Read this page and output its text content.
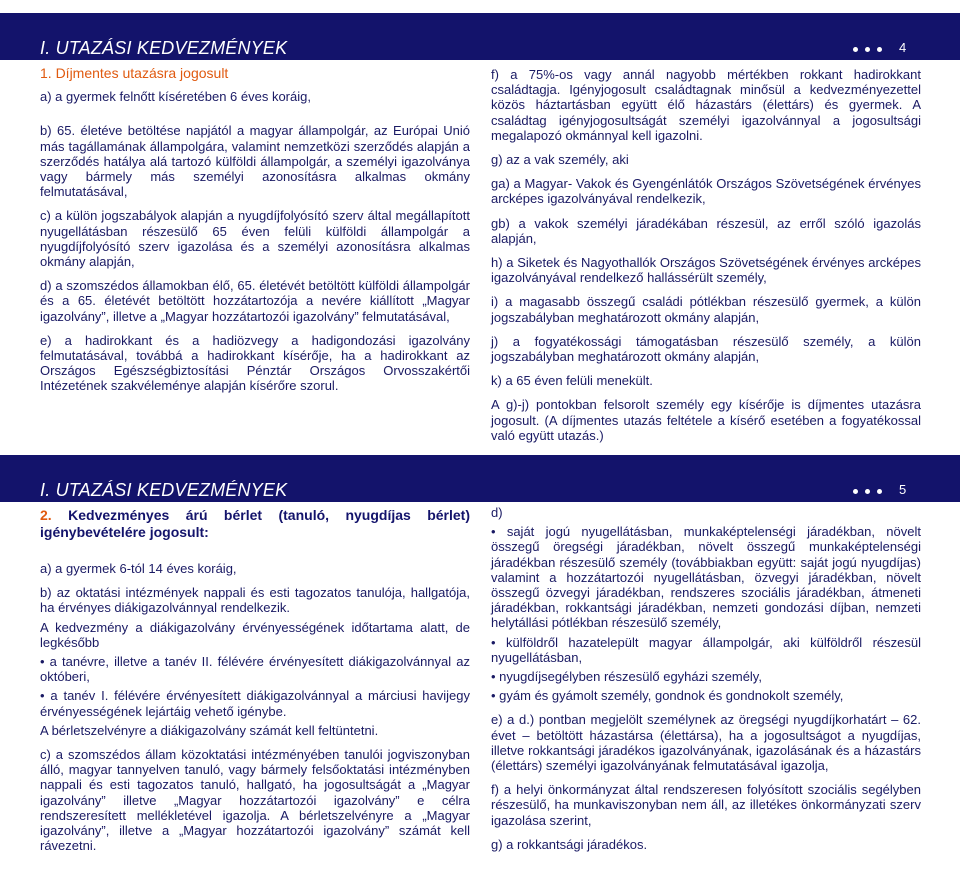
I. UTAZÁSI KEDVEZMÉNYEK	4

1. Díjmentes utazásra jogosult

a) a gyermek felnőtt kíséretében 6 éves koráig,

b) 65. életéve betöltése napjától a magyar állampolgár, az Európai Unió más tagállamának állampolgára, valamint nemzetközi szerződés alapján a szerződés hatálya alá tartozó külföldi állampolgár, a személyi igazolványa vagy bármely más személyi azonosításra alkalmas okmány felmutatásával,

c) a külön jogszabályok alapján a nyugdíjfolyósító szerv által megállapított nyugellátásban részesülő 65 éven felüli külföldi állampolgár a nyugdíjfolyósító szerv igazolása és a személyi azonosításra alkalmas okmány alapján,

d) a szomszédos államokban élő, 65. életévét betöltött külföldi állampolgár és a 65. életévét betöltött hozzátartozója a nevére kiállított „Magyar igazolvány”, illetve a „Magyar hozzátartozói igazolvány” felmutatásával,

e) a hadirokkant és a hadiözvegy a hadigondozási igazolvány felmutatásával, továbbá a hadirokkant kísérője, ha a hadirokkant az Országos Egészségbiztosítási Pénztár Országos Orvosszakértői Intézetének szakvéleménye alapján kísérőre szorul.

f) a 75%-os vagy annál nagyobb mértékben rokkant hadirokkant családtagja. Igényjogosult családtagnak minősül a kedvezményezettel közös háztartásban együtt élő házastárs (élettárs) és gyermek. A családtag igényjogosultságát személyi igazolvánnyal a jogosultsági megalapozó okmánnyal kell igazolni.

g) az a vak személy, aki

ga) a Magyar- Vakok és Gyengénlátók Országos Szövetségének érvényes arcképes igazolványával rendelkezik,

gb) a vakok személyi járadékában részesül, az erről szóló igazolás alapján,

h) a Siketek és Nagyothallók Országos Szövetségének érvényes arcképes igazolványával rendelkező hallássérült személy,

i) a magasabb összegű családi pótlékban részesülő gyermek, a külön jogszabályban meghatározott okmány alapján,

j) a fogyatékossági támogatásban részesülő személy, a külön jogszabályban meghatározott okmány alapján,

k) a 65 éven felüli menekült.

A g)-j) pontokban felsorolt személy egy kísérője is díjmentes utazásra jogosult. (A díjmentes utazás feltétele a kísérő esetében a fogyatékossal való együtt utazás.)

I. UTAZÁSI KEDVEZMÉNYEK	5

2. Kedvezményes árú bérlet (tanuló, nyugdíjas bérlet) igénybevételére jogosult:

a) a gyermek 6-tól 14 éves koráig,

b) az oktatási intézmények nappali és esti tagozatos tanulója, hallgatója, ha érvényes diákigazolvánnyal rendelkezik.

A kedvezmény a diákigazolvány érvényességének időtartama alatt, de legkésőbb

• a tanévre, illetve a tanév II. félévére érvényesített diákigazolvánnyal az októberi,

• a tanév I. félévére érvényesített diákigazolvánnyal a márciusi havijegy érvényességének lejártáig vehető igénybe.

A bérletszelvényre a diákigazolvány számát kell feltüntetni.

c) a szomszédos állam közoktatási intézményében tanulói jogviszonyban álló, magyar tannyelven tanuló, vagy bármely felsőoktatási intézményben nappali és esti tagozatos tanuló, hallgató, ha jogosultságát a „Magyar igazolvány” illetve „Magyar hozzátartozói igazolvány” e célra rendszeresített mellékletével igazolja. A bérletszelvényre a „Magyar igazolvány”, illetve a „Magyar hozzátartozói igazolvány” számát kell rávezetni.

d)

• saját jogú nyugellátásban, munkaképtelenségi járadékban, növelt összegű öregségi járadékban, növelt összegű munkaképtelenségi járadékban részesülő személy (továbbiakban együtt: saját jogú nyugdíjas) valamint a hozzátartozói nyugellátásban, özvegyi járadékban, növelt összegű özvegyi járadékban, rendszeres szociális járadékban, átmeneti járadékban, rokkantsági járadékban, nemzeti gondozási díjban, nemzeti helytállási pótlékban részesülő személy,

• külföldről hazatelepült magyar állampolgár, aki külföldről részesül nyugellátásban,

• nyugdíjsegélyben részesülő egyházi személy,

• gyám és gyámolt személy, gondnok és gondnokolt személy,

e) a d.) pontban megjelölt személynek az öregségi nyugdíjkorhatárt – 62. évet – betöltött házastársa (élettársa), ha a jogosultságot a nyugdíjas, illetve rokkantsági járadékos igazolványának, igazolásának és a házastárs (élettárs) személyi igazolványának felmutatásával igazolja,

f) a helyi önkormányzat által rendszeresen folyósított szociális segélyben részesülő, ha munkaviszonyban nem áll, az illetékes önkormányzati szerv igazolása szerint,

g) a rokkantsági járadékos.
